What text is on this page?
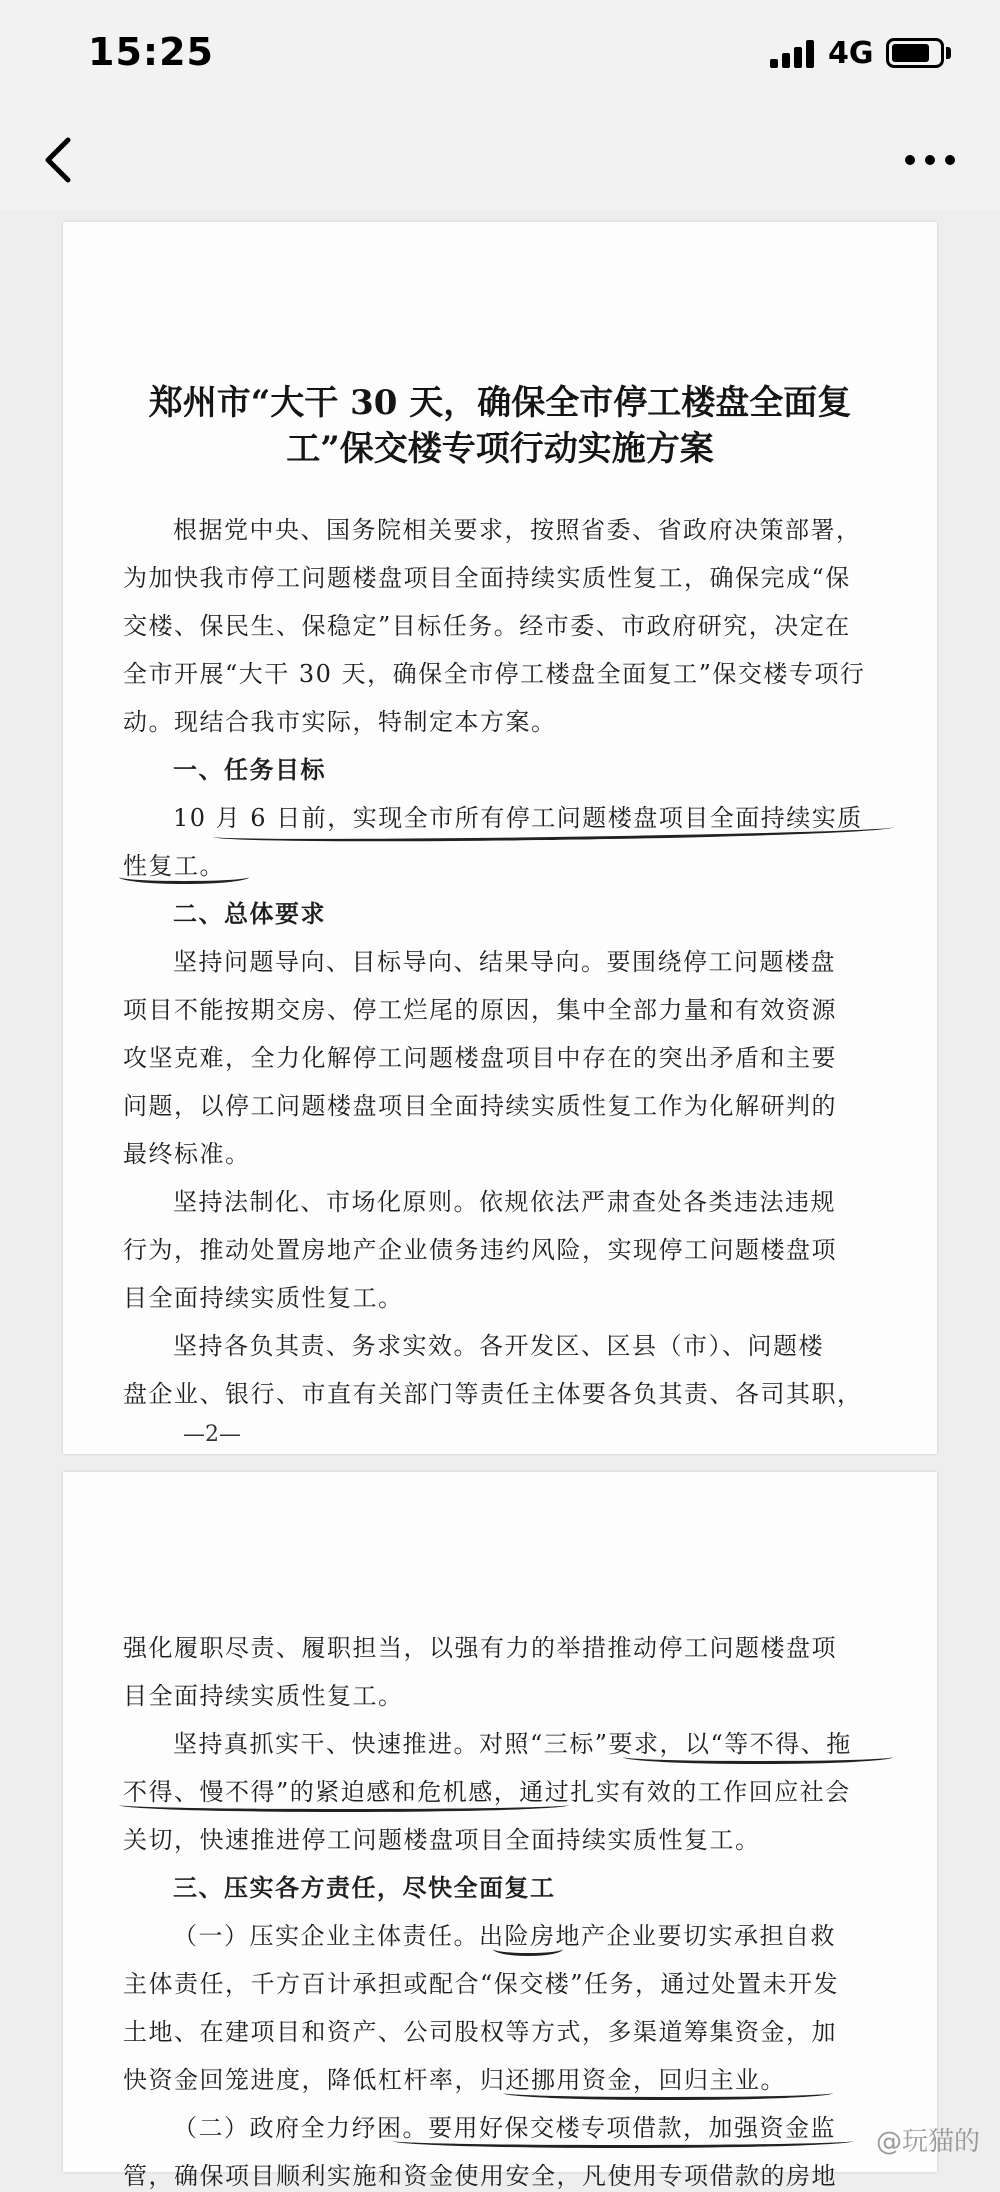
15:25	4G
郑州市“大干 30 天，确保全市停工楼盘全面复
工”保交楼专项行动实施方案
根据党中央、国务院相关要求，按照省委、省政府决策部署，
为加快我市停工问题楼盘项目全面持续实质性复工，确保完成“保
交楼、保民生、保稳定”目标任务。经市委、市政府研究，决定在
全市开展“大干 30 天，确保全市停工楼盘全面复工”保交楼专项行
动。现结合我市实际，特制定本方案。
一、任务目标
10 月 6 日前，实现全市所有停工问题楼盘项目全面持续实质
性复工。
二、总体要求
坚持问题导向、目标导向、结果导向。要围绕停工问题楼盘
项目不能按期交房、停工烂尾的原因，集中全部力量和有效资源
攻坚克难，全力化解停工问题楼盘项目中存在的突出矛盾和主要
问题，以停工问题楼盘项目全面持续实质性复工作为化解研判的
最终标准。
坚持法制化、市场化原则。依规依法严肃查处各类违法违规
行为，推动处置房地产企业债务违约风险，实现停工问题楼盘项
目全面持续实质性复工。
坚持各负其责、务求实效。各开发区、区县（市）、问题楼
盘企业、银行、市直有关部门等责任主体要各负其责、各司其职，
—2—
强化履职尽责、履职担当，以强有力的举措推动停工问题楼盘项
目全面持续实质性复工。
坚持真抓实干、快速推进。对照“三标”要求，以“等不得、拖
不得、慢不得”的紧迫感和危机感，通过扎实有效的工作回应社会
关切，快速推进停工问题楼盘项目全面持续实质性复工。
三、压实各方责任，尽快全面复工
（一）压实企业主体责任。出险房地产企业要切实承担自救
主体责任，千方百计承担或配合“保交楼”任务，通过处置未开发
土地、在建项目和资产、公司股权等方式，多渠道筹集资金，加
快资金回笼进度，降低杠杆率，归还挪用资金，回归主业。
（二）政府全力纾困。要用好保交楼专项借款，加强资金监
管，确保项目顺利实施和资金使用安全，凡使用专项借款的房地
@玩猫的
